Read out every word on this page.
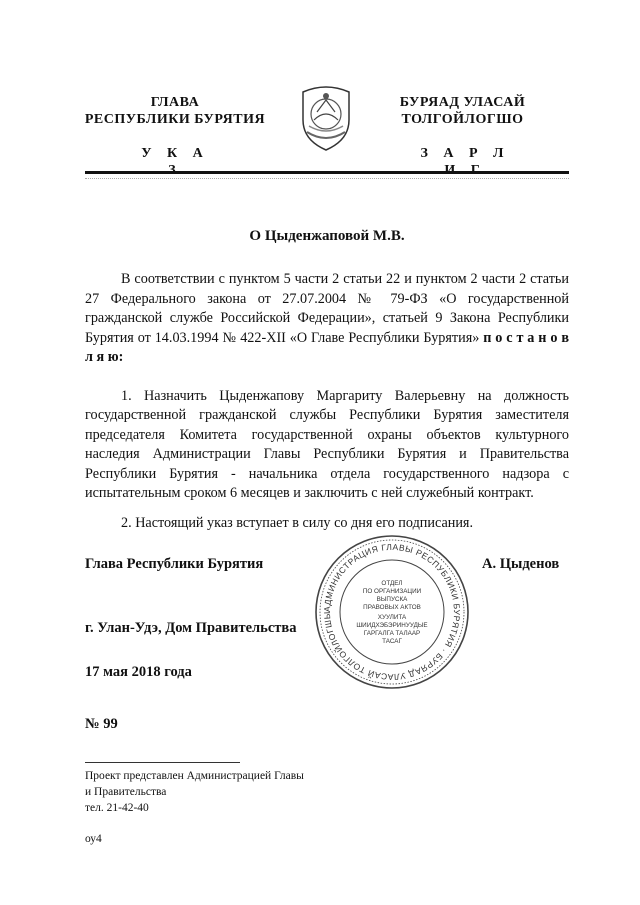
ГЛАВА
РЕСПУБЛИКИ БУРЯТИЯ
У К А З
БУРЯАД УЛАСАЙ
ТОЛГОЙЛОГШО
З А Р Л И Г
О Цыденжаповой М.В.

В соответствии с пунктом 5 части 2 статьи 22 и пунктом 2 части 2 статьи 27 Федерального закона от 27.07.2004 № 79-ФЗ «О государственной гражданской службе Российской Федерации», статьей 9 Закона Республики Бурятия от 14.03.1994 № 422-XII «О Главе Республики Бурятия» п о с т а н о в л я ю:

1. Назначить Цыденжапову Маргариту Валерьевну на должность государственной гражданской службы Республики Бурятия заместителя председателя Комитета государственной охраны объектов культурного наследия Администрации Главы Республики Бурятия и Правительства Республики Бурятия - начальника отдела государственного надзора с испытательным сроком 6 месяцев и заключить с ней служебный контракт.

2. Настоящий указ вступает в силу со дня его подписания.

Глава Республики Бурятия	А. Цыденов
АДМИНИСТРАЦИЯ ГЛАВЫ РЕСПУБЛИКИ БУРЯТИЯ · БУРЯАД УЛАСАЙ ТОЛГОЙЛОГШЫ
ОТДЕЛ
ПО ОРГАНИЗАЦИИ
ВЫПУСКА
ПРАВОВЫХ АКТОВ
ХУУЛИТА
ШИИДХЭБЭРИНУУДЫЕ
ГАРГАЛГА ТАЛААР
ТАСАГ
г. Улан-Удэ, Дом Правительства
17 мая 2018 года
№ 99
Проект представлен Администрацией Главы
и Правительства
тел. 21-42-40
оу4
